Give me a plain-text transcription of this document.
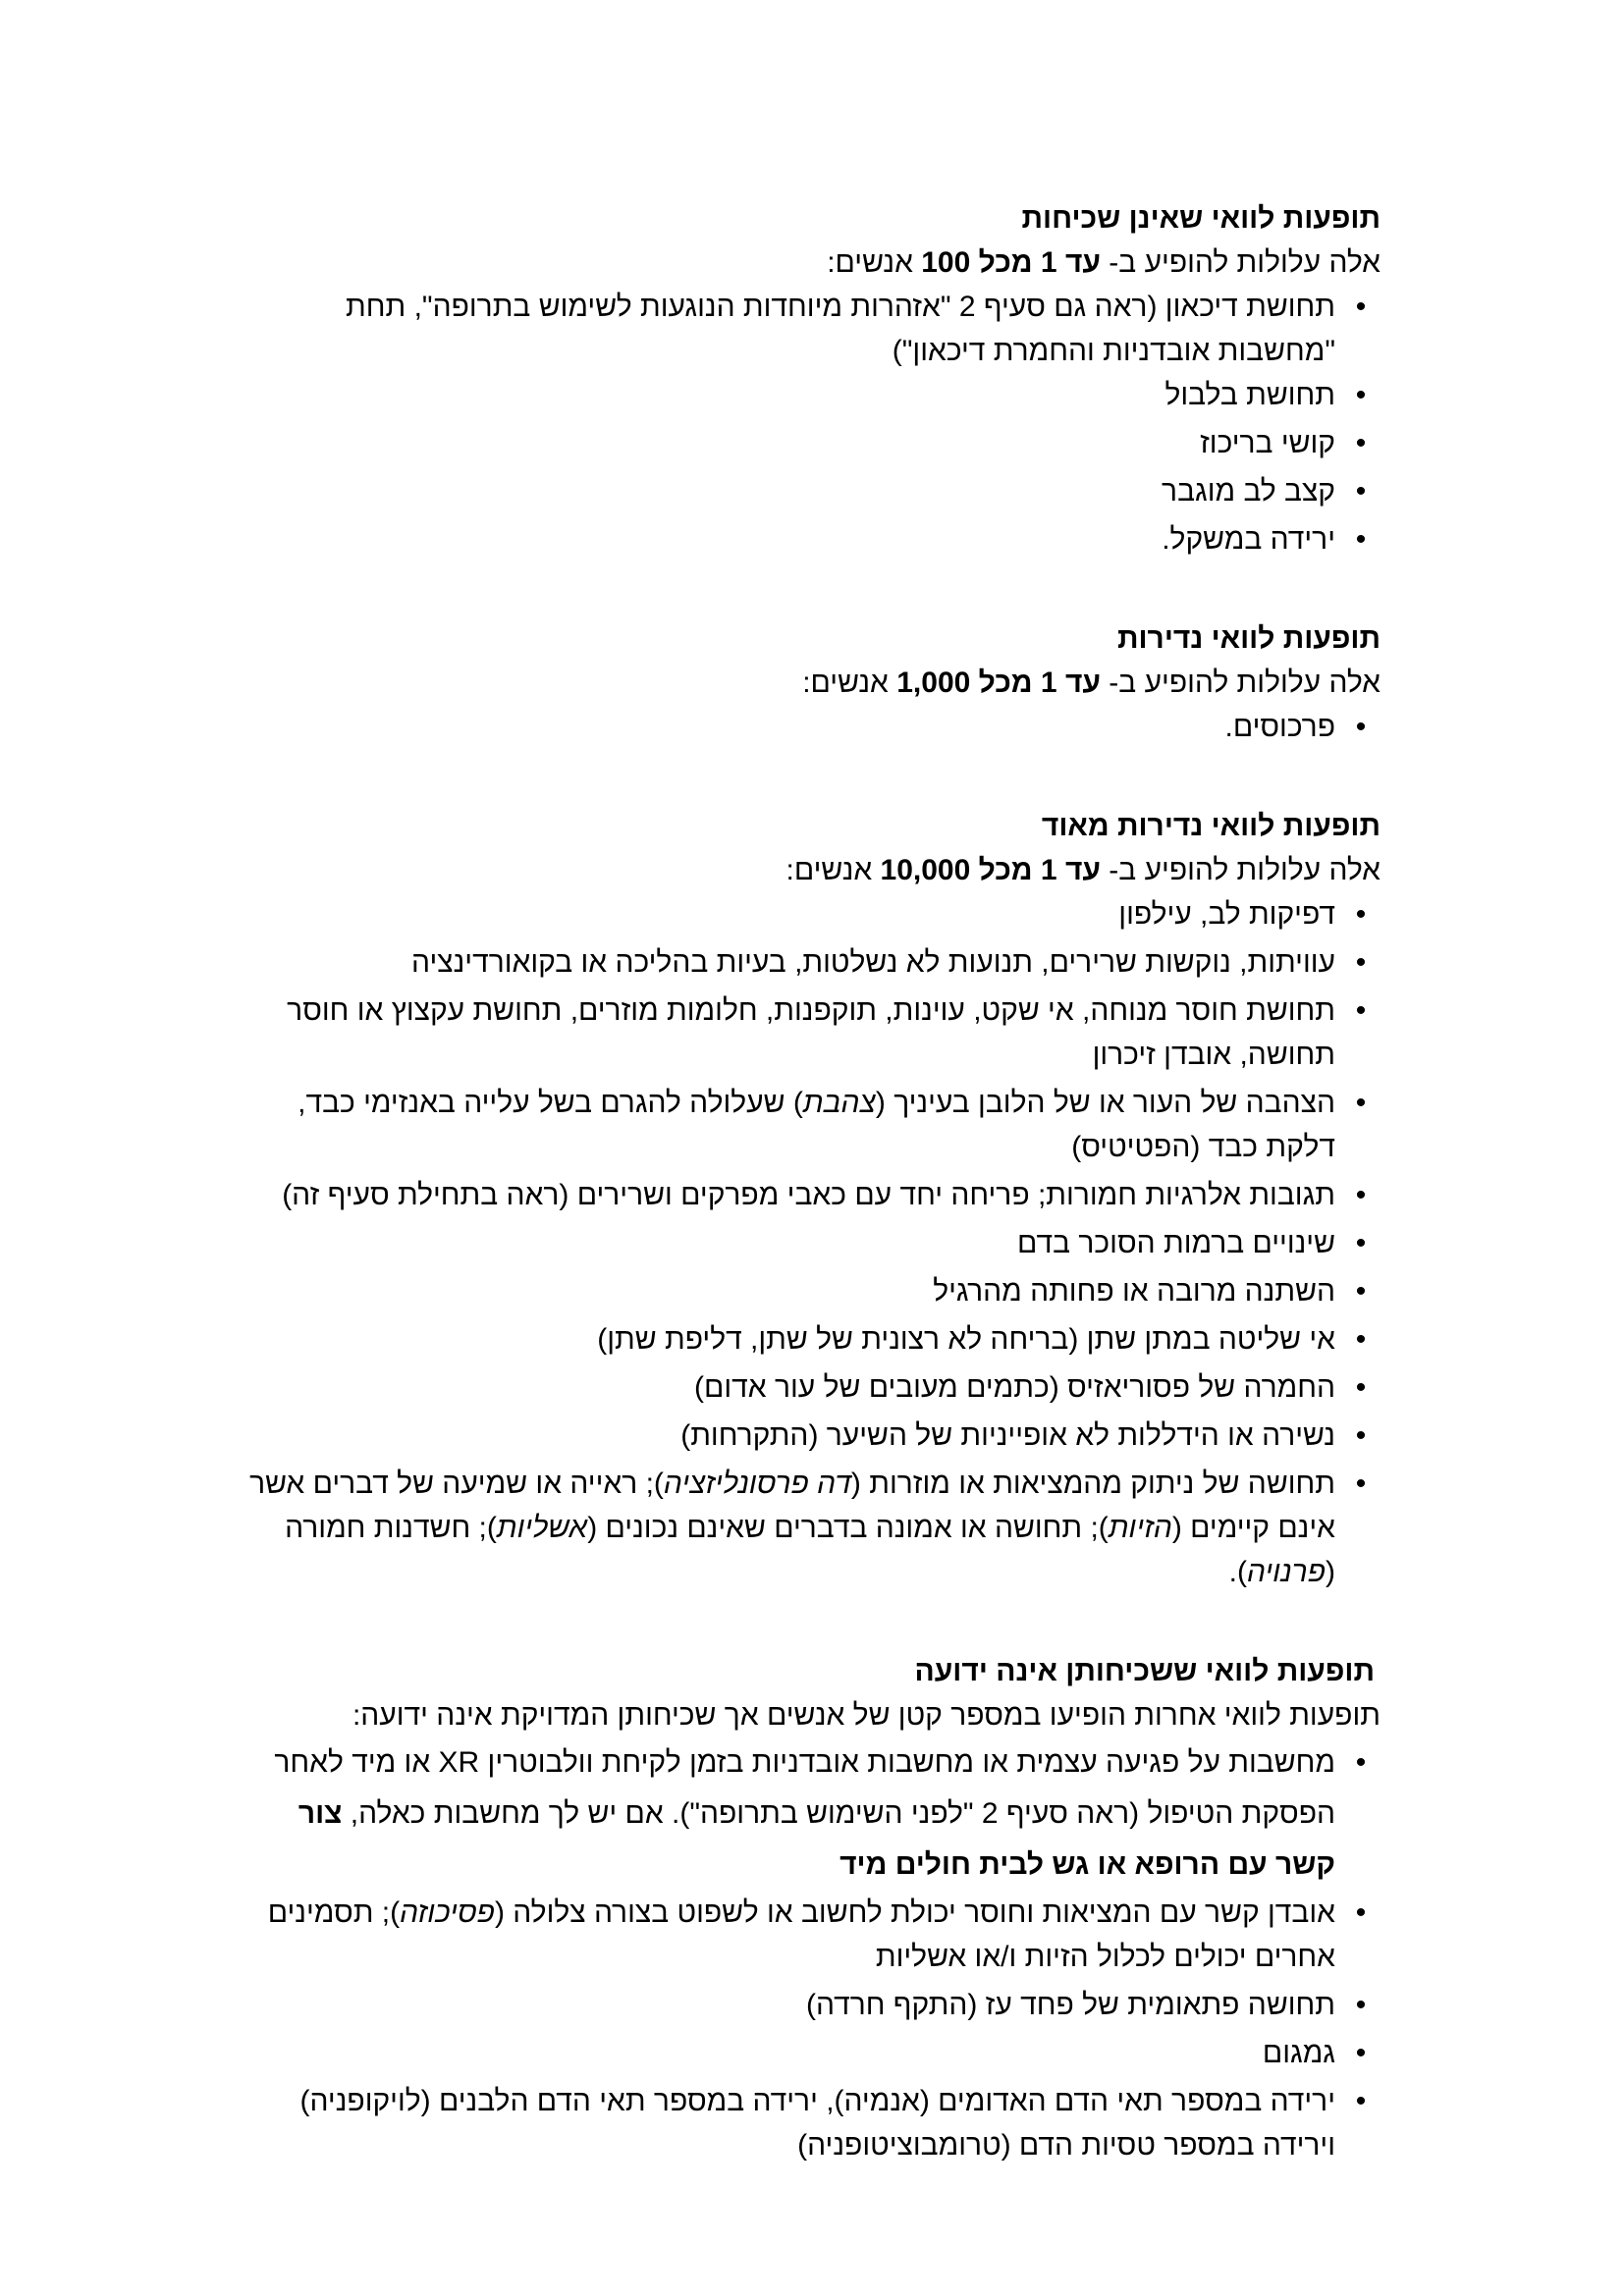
תופעות לוואי שאינן שכיחות

אלה עלולות להופיע ב- עד 1 מכל 100 אנשים:

•
תחושת דיכאון (ראה גם סעיף 2 "אזהרות מיוחדות הנוגעות לשימוש בתרופה", תחת "מחשבות אובדניות והחמרת דיכאון")
•
תחושת בלבול
•
קושי בריכוז
•
קצב לב מוגבר
•
ירידה במשקל.

תופעות לוואי נדירות

אלה עלולות להופיע ב- עד 1 מכל 1,000 אנשים:

•
פרכוסים.

תופעות לוואי נדירות מאוד

אלה עלולות להופיע ב- עד 1 מכל 10,000 אנשים:

•
דפיקות לב, עילפון
•
עוויתות, נוקשות שרירים, תנועות לא נשלטות, בעיות בהליכה או בקואורדינציה
•
תחושת חוסר מנוחה, אי שקט, עוינות, תוקפנות, חלומות מוזרים, תחושת עקצוץ או חוסר תחושה, אובדן זיכרון
•
הצהבה של העור או של הלובן בעיניך (צהבת) שעלולה להגרם בשל עלייה באנזימי כבד, דלקת כבד (הפטיטיס)
•
תגובות אלרגיות חמורות; פריחה יחד עם כאבי מפרקים ושרירים (ראה בתחילת סעיף זה)
•
שינויים ברמות הסוכר בדם
•
השתנה מרובה או פחותה מהרגיל
•
אי שליטה במתן שתן (בריחה לא רצונית של שתן, דליפת שתן)
•
החמרה של פסוריאזיס (כתמים מעובים של עור אדום)
•
נשירה או הידללות לא אופייניות של השיער (התקרחות)
•
תחושה של ניתוק מהמציאות או מוזרות (דה פרסונליזציה); ראייה או שמיעה של דברים אשר אינם קיימים (הזיות); תחושה או אמונה בדברים שאינם נכונים (אשליות); חשדנות חמורה (פרנויה).

תופעות לוואי ששכיחותן אינה ידועה

תופעות לוואי אחרות הופיעו במספר קטן של אנשים אך שכיחותן המדויקת אינה ידועה:

•
מחשבות על פגיעה עצמית או מחשבות אובדניות בזמן לקיחת וולבוטרין XR או מיד לאחר הפסקת הטיפול (ראה סעיף 2 "לפני השימוש בתרופה"). אם יש לך מחשבות כאלה, צור קשר עם הרופא או גש לבית חולים מיד
•
אובדן קשר עם המציאות וחוסר יכולת לחשוב או לשפוט בצורה צלולה (פסיכוזה); תסמינים אחרים יכולים לכלול הזיות ו/או אשליות
•
תחושה פתאומית של פחד עז (התקף חרדה)
•
גמגום
•
ירידה במספר תאי הדם האדומים (אנמיה), ירידה במספר תאי הדם הלבנים (לויקופניה) וירידה במספר טסיות הדם (טרומבוציטופניה)
